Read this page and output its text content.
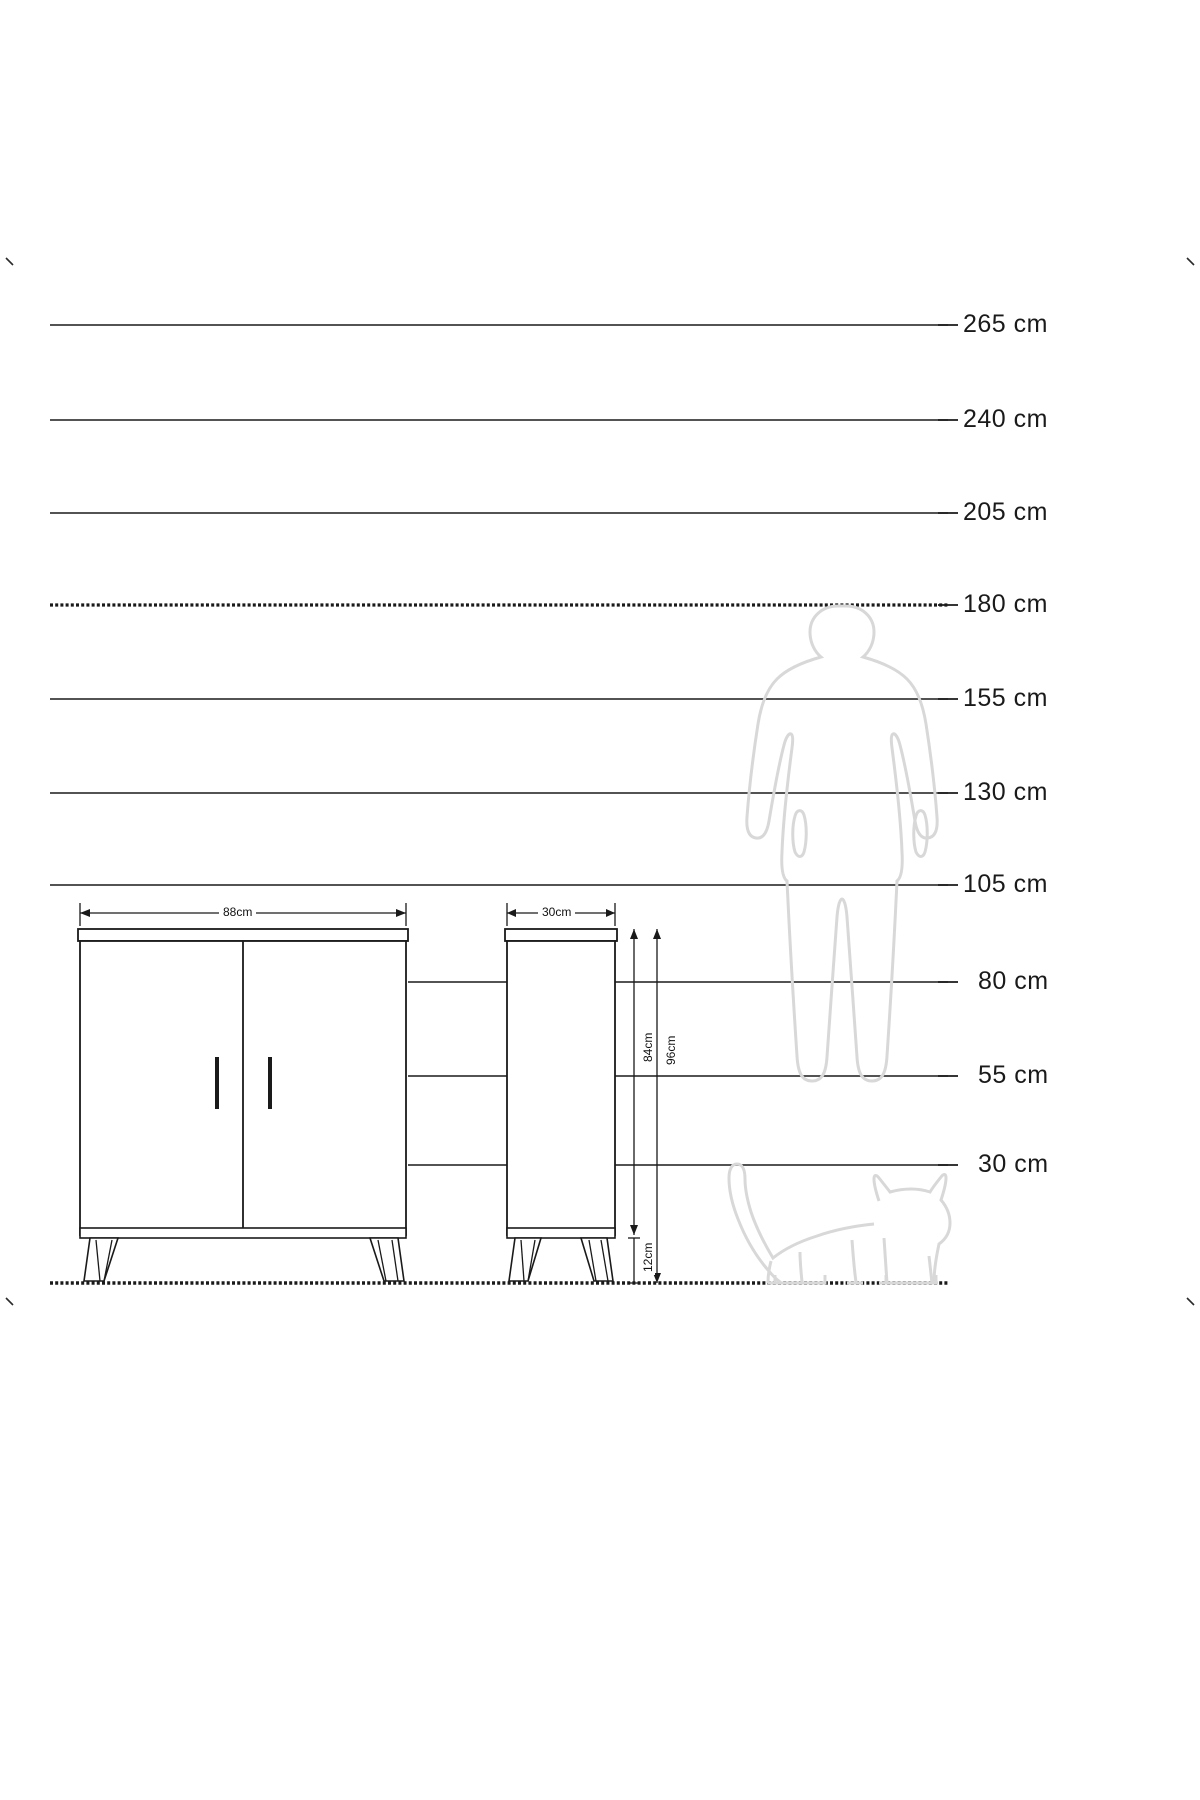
265 cm
240 cm
205 cm
180 cm
155 cm
130 cm
105 cm
80 cm
55 cm
30 cm
88cm	30cm
84cm 96cm
12cm
